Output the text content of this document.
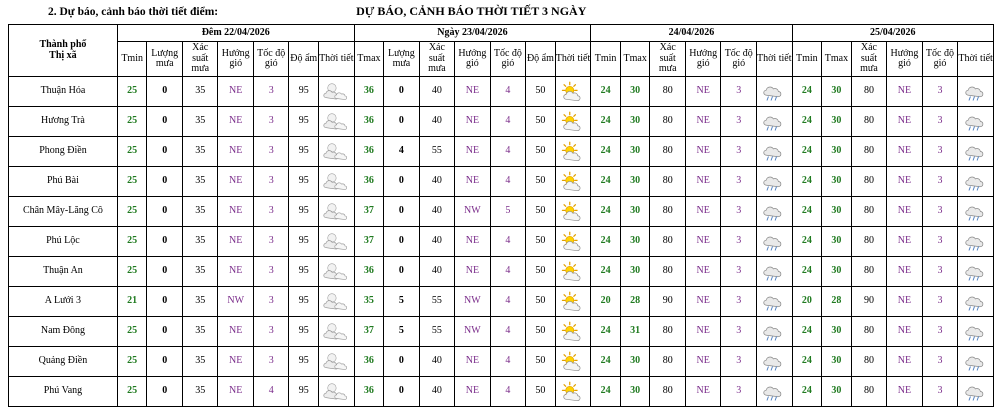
2. Dự báo, cảnh báo thời tiết điểm:	DỰ BÁO, CẢNH BÁO THỜI TIẾT 3 NGÀY
Thành phố
Thị xã	Đêm 22/04/2026							Ngày 23/04/2026							24/04/2026						25/04/2026					
	Tmin	Lượng mưa	Xác suất mưa	Hướng gió	Tốc độ gió	Độ ẩm	Thời tiết	Tmax	Lượng mưa	Xác suất mưa	Hướng gió	Tốc độ gió	Độ ẩm	Thời tiết	Tmin	Tmax	Xác suất mưa	Hướng gió	Tốc độ gió	Thời tiết	Tmin	Tmax	Xác suất mưa	Hướng gió	Tốc độ gió	Thời tiết
Thuận Hóa	25	0	35	NE	3	95		36	0	40	NE	4	50		24	30	80	NE	3		24	30	80	NE	3	

Hương Trà	25	0	35	NE	3	95		36	0	40	NE	4	50		24	30	80	NE	3		24	30	80	NE	3	

Phong Điền	25	0	35	NE	3	95		36	4	55	NE	4	50		24	30	80	NE	3		24	30	80	NE	3	

Phú Bài	25	0	35	NE	3	95		36	0	40	NE	4	50		24	30	80	NE	3		24	30	80	NE	3	

Chân Mây-Lăng Cô	25	0	35	NE	3	95		37	0	40	NW	5	50		24	30	80	NE	3		24	30	80	NE	3	

Phú Lộc	25	0	35	NE	3	95		37	0	40	NE	4	50		24	30	80	NE	3		24	30	80	NE	3	

Thuận An	25	0	35	NE	3	95		36	0	40	NE	4	50		24	30	80	NE	3		24	30	80	NE	3	

A Lưới 3	21	0	35	NW	3	95		35	5	55	NW	4	50		20	28	90	NE	3		20	28	90	NE	3	

Nam Đông	25	0	35	NE	3	95		37	5	55	NW	4	50		24	31	80	NE	3		24	30	80	NE	3	

Quảng Điền	25	0	35	NE	3	95		36	0	40	NE	4	50		24	30	80	NE	3		24	30	80	NE	3	

Phú Vang	25	0	35	NE	4	95		36	0	40	NE	4	50		24	30	80	NE	3		24	30	80	NE	3	
